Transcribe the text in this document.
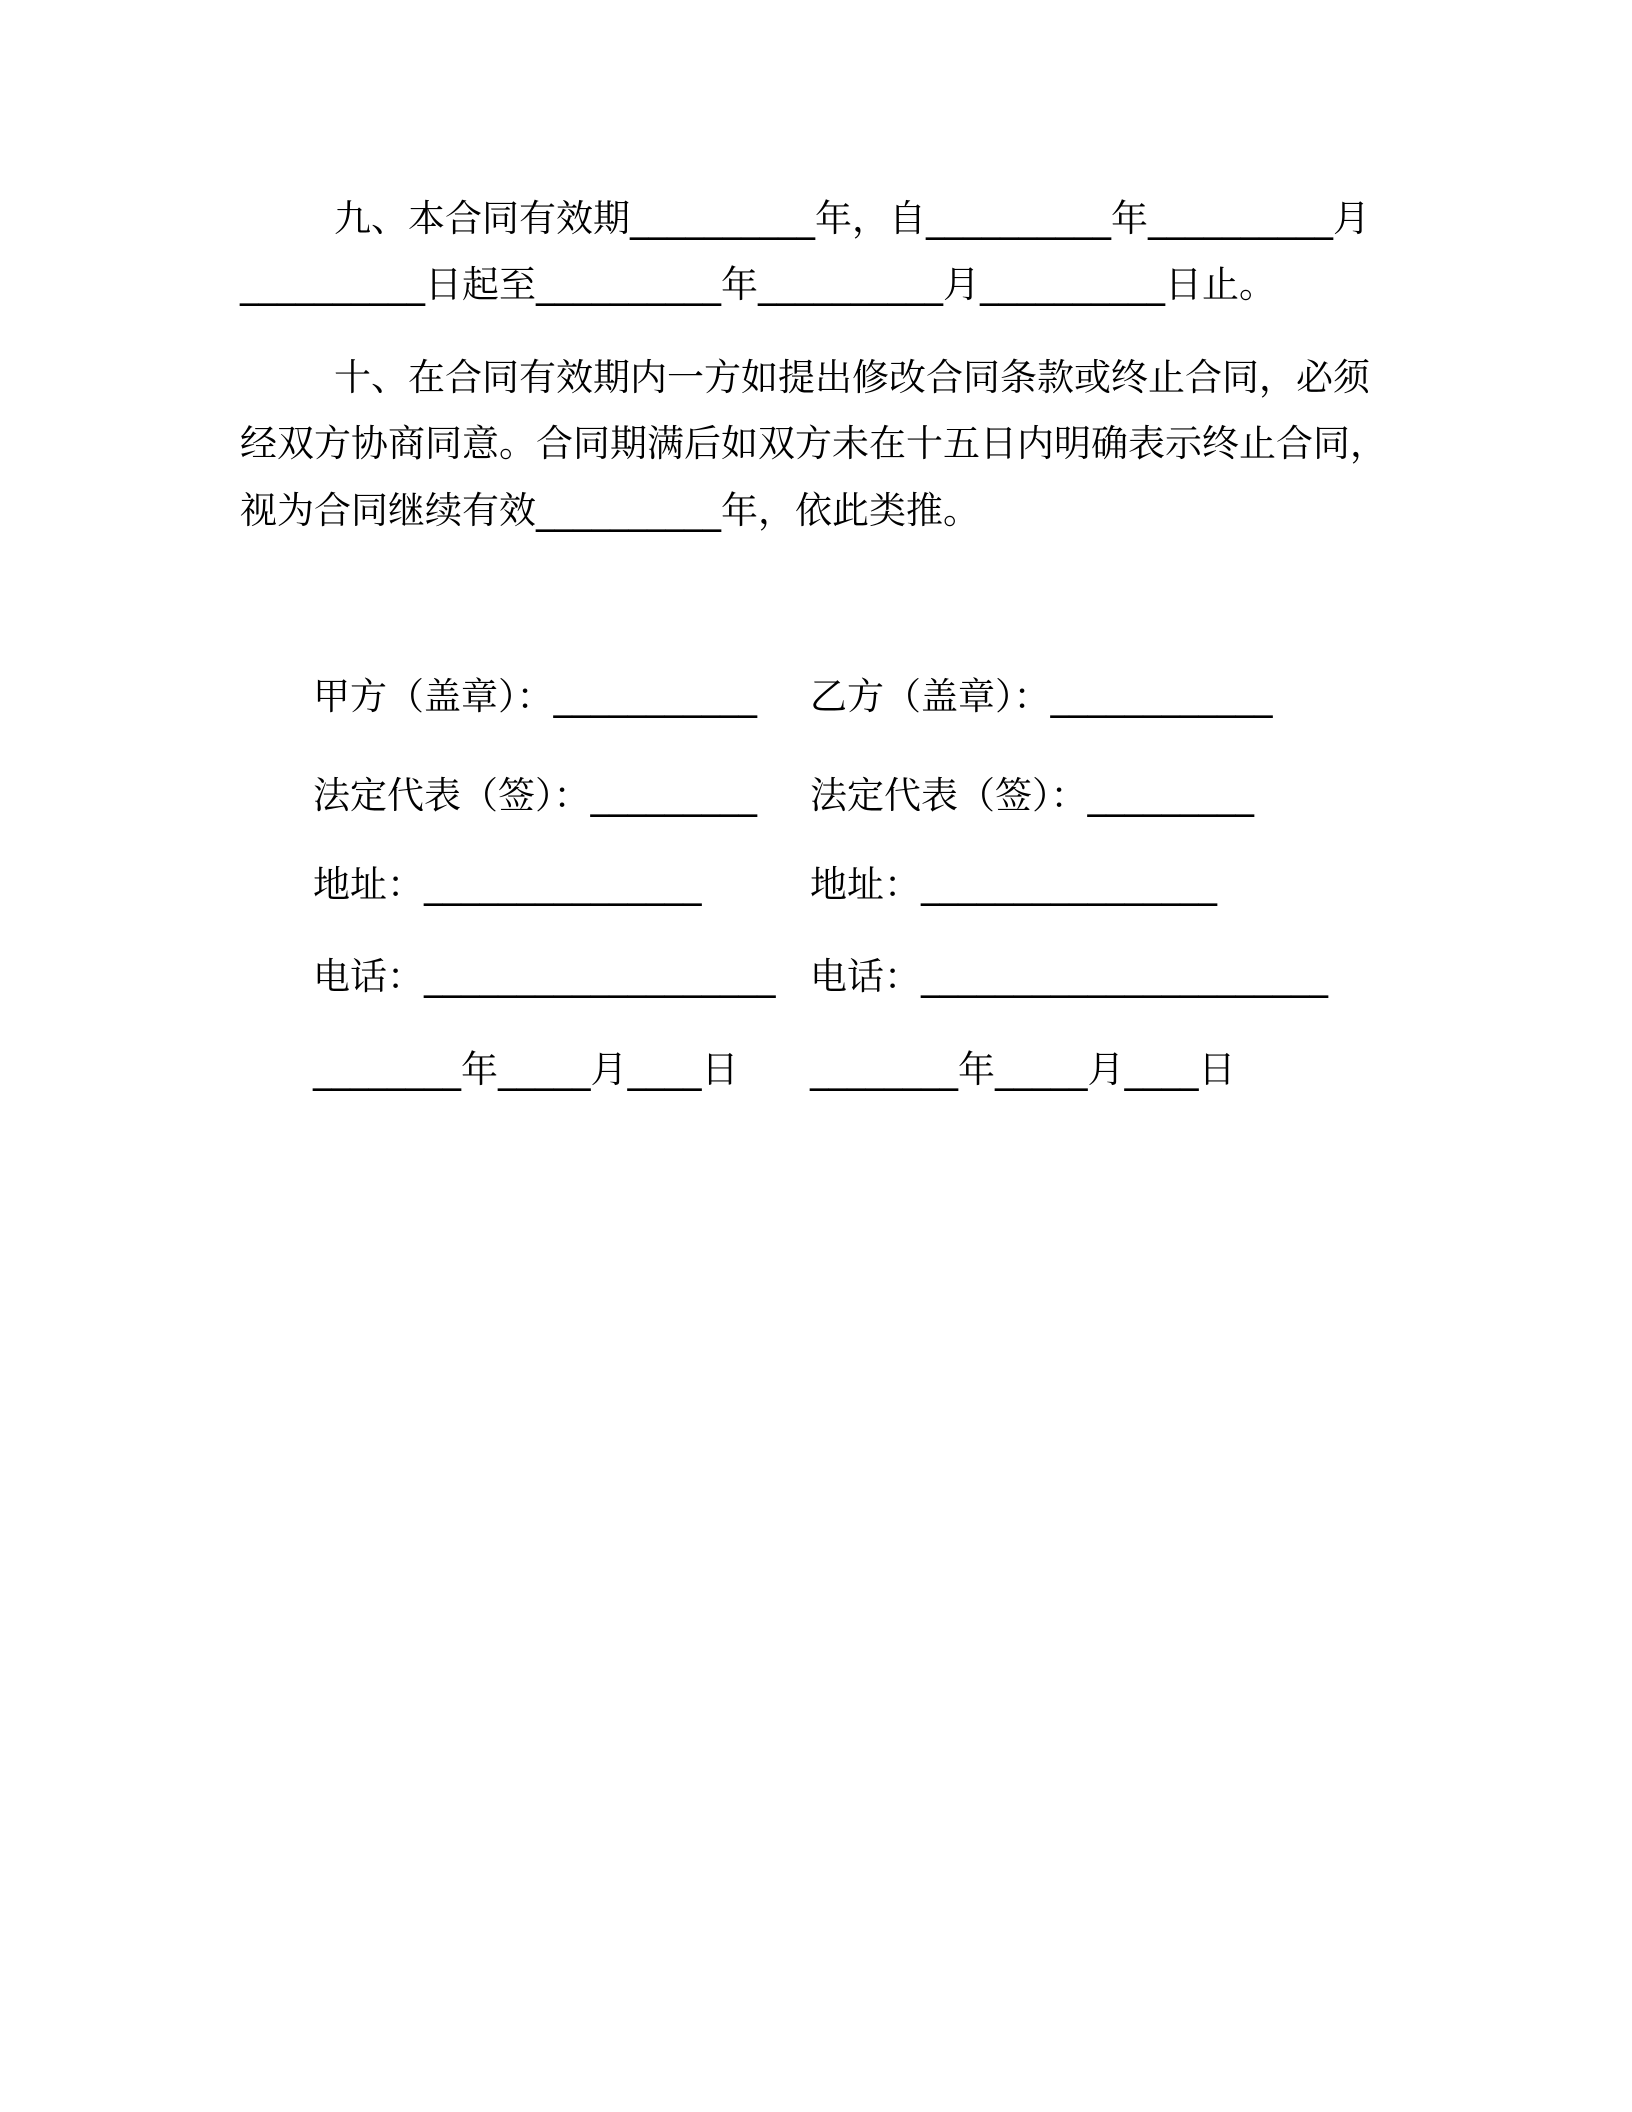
九、本合同有效期__________年，自__________年__________月
__________日起至__________年__________月__________日止。
十、在合同有效期内一方如提出修改合同条款或终止合同，必须
经双方协商同意。合同期满后如双方未在十五日内明确表示终止合同，
视为合同继续有效__________年，依此类推。
甲方（盖章）：___________ 乙方（盖章）：____________
法定代表（签）：_________ 法定代表（签）：_________
地址：_______________	地址：________________
电话：___________________ 电话：______________________
________年_____月____日 ________年_____月____日
